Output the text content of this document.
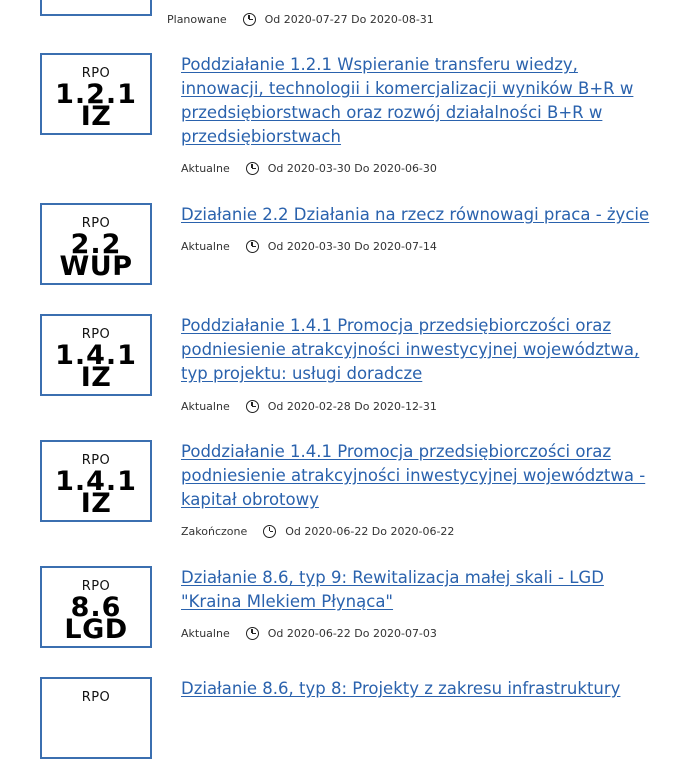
Planowane	Od 2020-07-27 Do 2020-08-31
RPO
1.2.1
IZ
Poddziałanie 1.2.1 Wspieranie transferu wiedzy, innowacji, technologii i komercjalizacji wyników B+R w przedsiębiorstwach oraz rozwój działalności B+R w przedsiębiorstwach
Aktualne	Od 2020-03-30 Do 2020-06-30
RPO
2.2
WUP
Działanie 2.2 Działania na rzecz równowagi praca - życie
Aktualne	Od 2020-03-30 Do 2020-07-14
RPO
1.4.1
IZ
Poddziałanie 1.4.1 Promocja przedsiębiorczości oraz podniesienie atrakcyjności inwestycyjnej województwa, typ projektu: usługi doradcze
Aktualne	Od 2020-02-28 Do 2020-12-31
RPO
1.4.1
IZ
Poddziałanie 1.4.1 Promocja przedsiębiorczości oraz podniesienie atrakcyjności inwestycyjnej województwa - kapitał obrotowy
Zakończone	Od 2020-06-22 Do 2020-06-22
RPO
8.6
LGD
Działanie 8.6, typ 9: Rewitalizacja małej skali - LGD "Kraina Mlekiem Płynąca"
Aktualne	Od 2020-06-22 Do 2020-07-03
RPO	Działanie 8.6, typ 8: Projekty z zakresu infrastruktury
